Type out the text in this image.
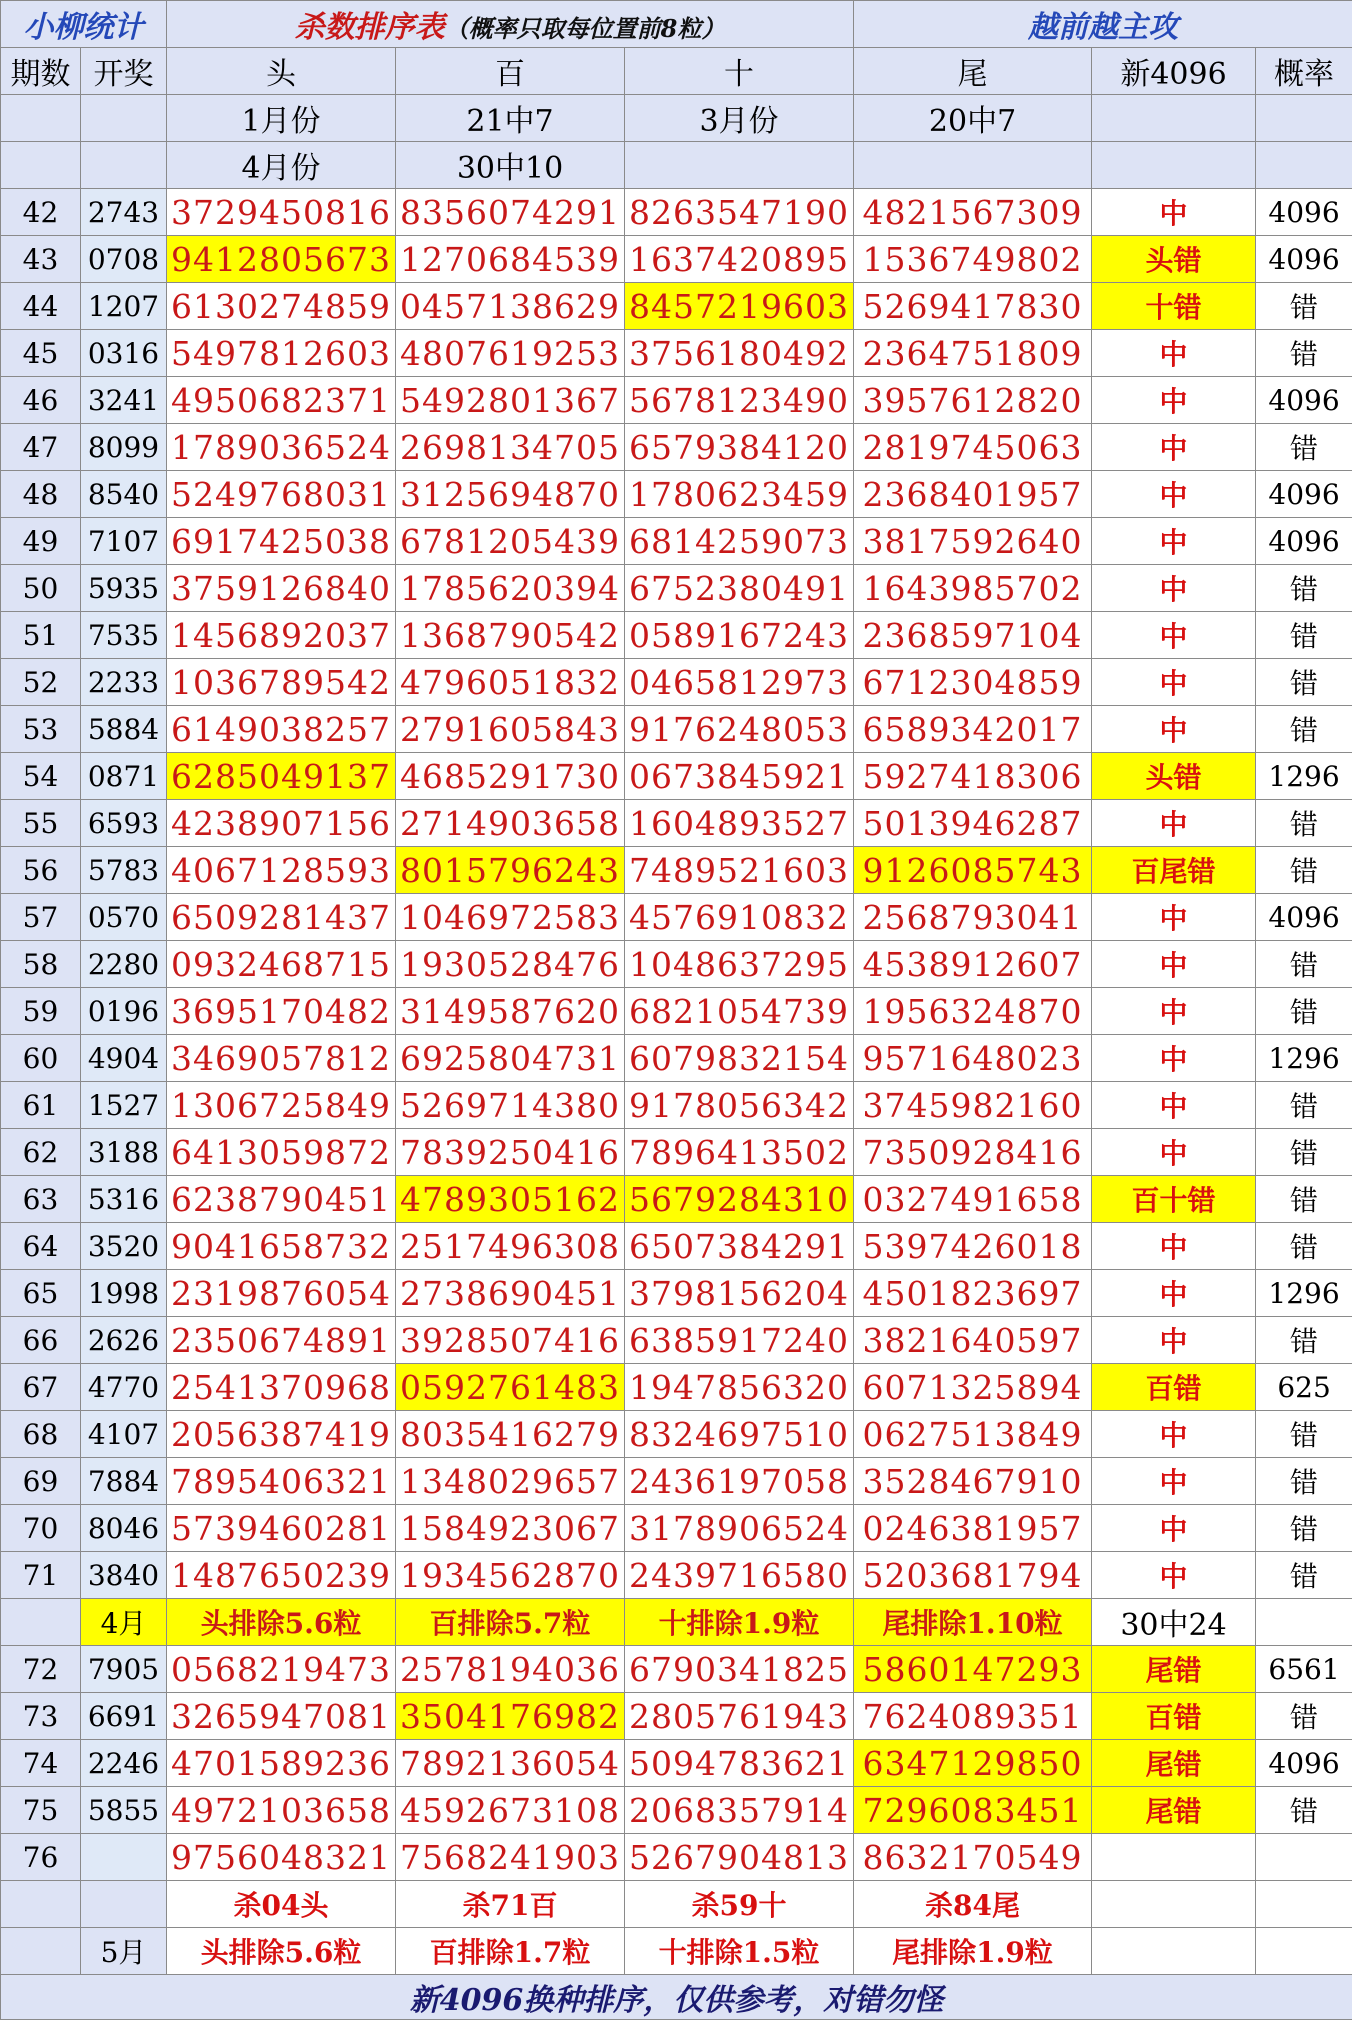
小柳统计		杀数排序表（概率只取每位置前8粒）			越前越主攻		
期数	开奖	头	百	十	尾	新4096	概率
		1月份	21中7	3月份	20中7		
		4月份	30中10				
42	2743	3729450816	8356074291	8263547190	4821567309	中	4096
43	0708	9412805673	1270684539	1637420895	1536749802	头错	4096
44	1207	6130274859	0457138629	8457219603	5269417830	十错	错
45	0316	5497812603	4807619253	3756180492	2364751809	中	错
46	3241	4950682371	5492801367	5678123490	3957612820	中	4096
47	8099	1789036524	2698134705	6579384120	2819745063	中	错
48	8540	5249768031	3125694870	1780623459	2368401957	中	4096
49	7107	6917425038	6781205439	6814259073	3817592640	中	4096
50	5935	3759126840	1785620394	6752380491	1643985702	中	错
51	7535	1456892037	1368790542	0589167243	2368597104	中	错
52	2233	1036789542	4796051832	0465812973	6712304859	中	错
53	5884	6149038257	2791605843	9176248053	6589342017	中	错
54	0871	6285049137	4685291730	0673845921	5927418306	头错	1296
55	6593	4238907156	2714903658	1604893527	5013946287	中	错
56	5783	4067128593	8015796243	7489521603	9126085743	百尾错	错
57	0570	6509281437	1046972583	4576910832	2568793041	中	4096
58	2280	0932468715	1930528476	1048637295	4538912607	中	错
59	0196	3695170482	3149587620	6821054739	1956324870	中	错
60	4904	3469057812	6925804731	6079832154	9571648023	中	1296
61	1527	1306725849	5269714380	9178056342	3745982160	中	错
62	3188	6413059872	7839250416	7896413502	7350928416	中	错
63	5316	6238790451	4789305162	5679284310	0327491658	百十错	错
64	3520	9041658732	2517496308	6507384291	5397426018	中	错
65	1998	2319876054	2738690451	3798156204	4501823697	中	1296
66	2626	2350674891	3928507416	6385917240	3821640597	中	错
67	4770	2541370968	0592761483	1947856320	6071325894	百错	625
68	4107	2056387419	8035416279	8324697510	0627513849	中	错
69	7884	7895406321	1348029657	2436197058	3528467910	中	错
70	8046	5739460281	1584923067	3178906524	0246381957	中	错
71	3840	1487650239	1934562870	2439716580	5203681794	中	错
	4月	头排除5.6粒	百排除5.7粒	十排除1.9粒	尾排除1.10粒	30中24	
72	7905	0568219473	2578194036	6790341825	5860147293	尾错	6561
73	6691	3265947081	3504176982	2805761943	7624089351	百错	错
74	2246	4701589236	7892136054	5094783621	6347129850	尾错	4096
75	5855	4972103658	4592673108	2068357914	7296083451	尾错	错
76		9756048321	7568241903	5267904813	8632170549		
		杀04头	杀71百	杀59十	杀84尾		
	5月	头排除5.6粒	百排除1.7粒	十排除1.5粒	尾排除1.9粒		
新4096换种排序，仅供参考，对错勿怪							
